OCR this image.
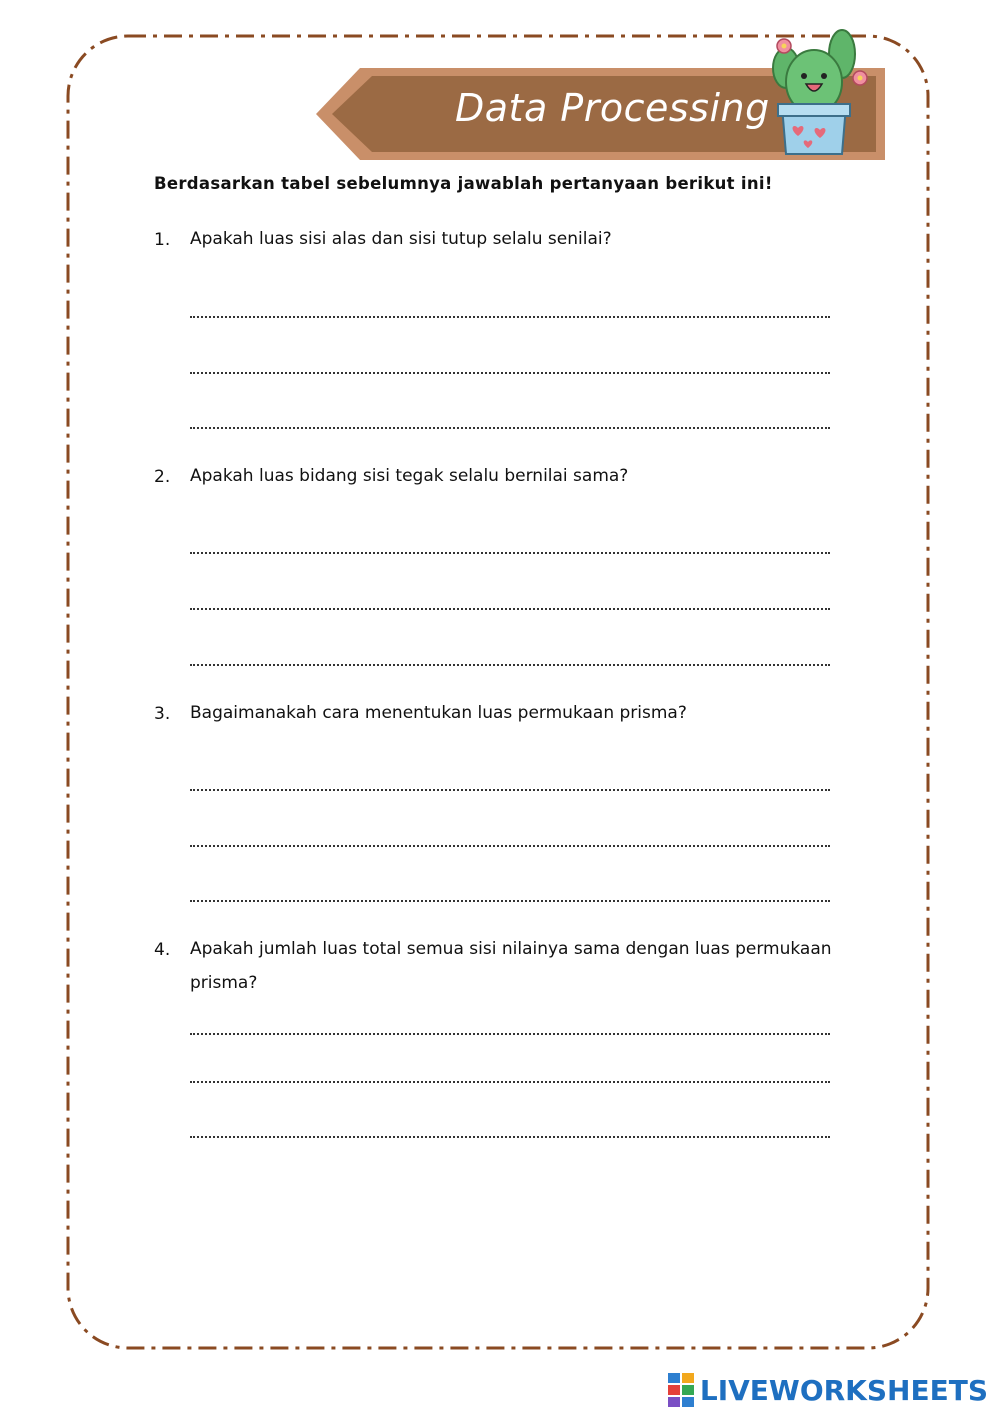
Data Processing
Berdasarkan tabel sebelumnya jawablah pertanyaan berikut ini!
1. Apakah luas sisi alas dan sisi tutup selalu senilai?
2. Apakah luas bidang sisi tegak selalu bernilai sama?
3. Bagaimanakah cara menentukan luas permukaan prisma?
4. Apakah jumlah luas total semua sisi nilainya sama dengan luas permukaan prisma?
LIVEWORKSHEETS
